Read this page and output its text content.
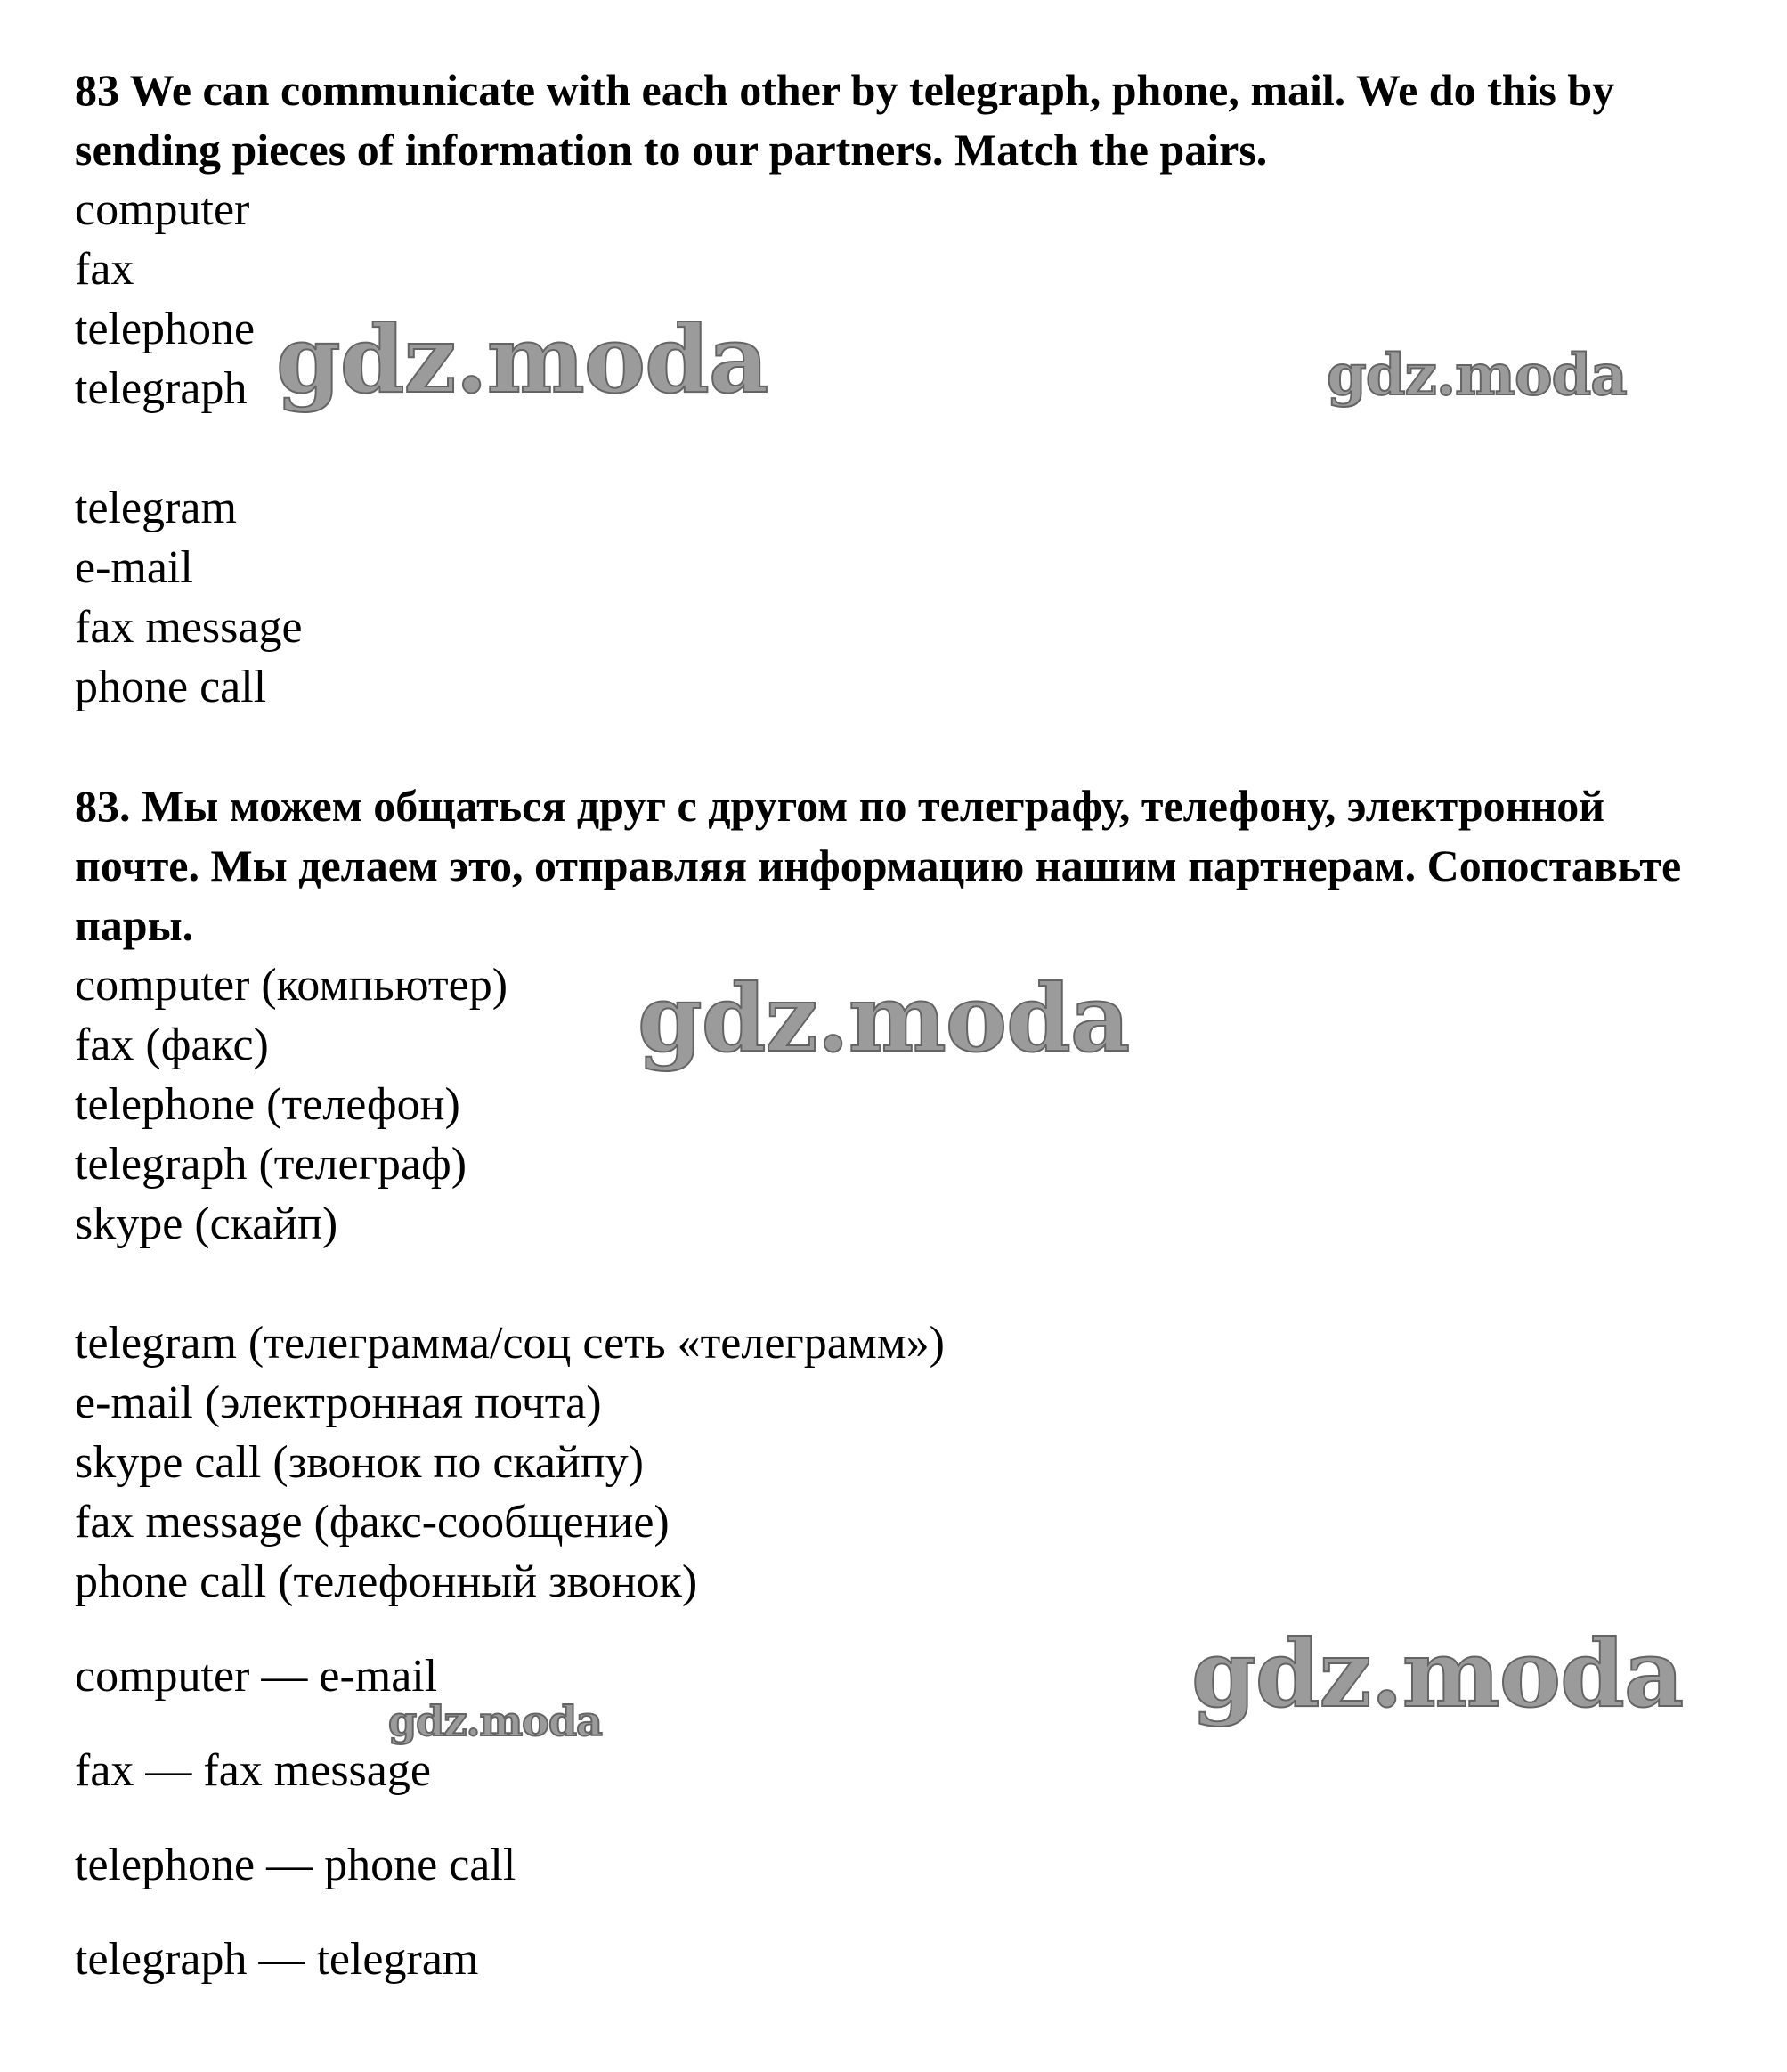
83 We can communicate with each other by telegraph, phone, mail. We do this by sending pieces of information to our partners. Match the pairs.

computer

fax

telephone

telegraph

telegram

e-mail

fax message

phone call

83. Мы можем общаться друг с другом по телеграфу, телефону, электронной почте. Мы делаем это, отправляя информацию нашим партнерам. Сопоставьте пары.

computer (компьютер)

fax (факс)

telephone (телефон)

telegraph (телеграф)

skype (скайп)

telegram (телеграмма/соц сеть «телеграмм»)

e-mail (электронная почта)

skype call (звонок по скайпу)

fax message (факс-сообщение)

phone call (телефонный звонок)

computer — e-mail

fax — fax message

telephone — phone call

telegraph — telegram

gdz.moda	gdz.moda
gdz.moda
gdz.moda
gdz.moda
